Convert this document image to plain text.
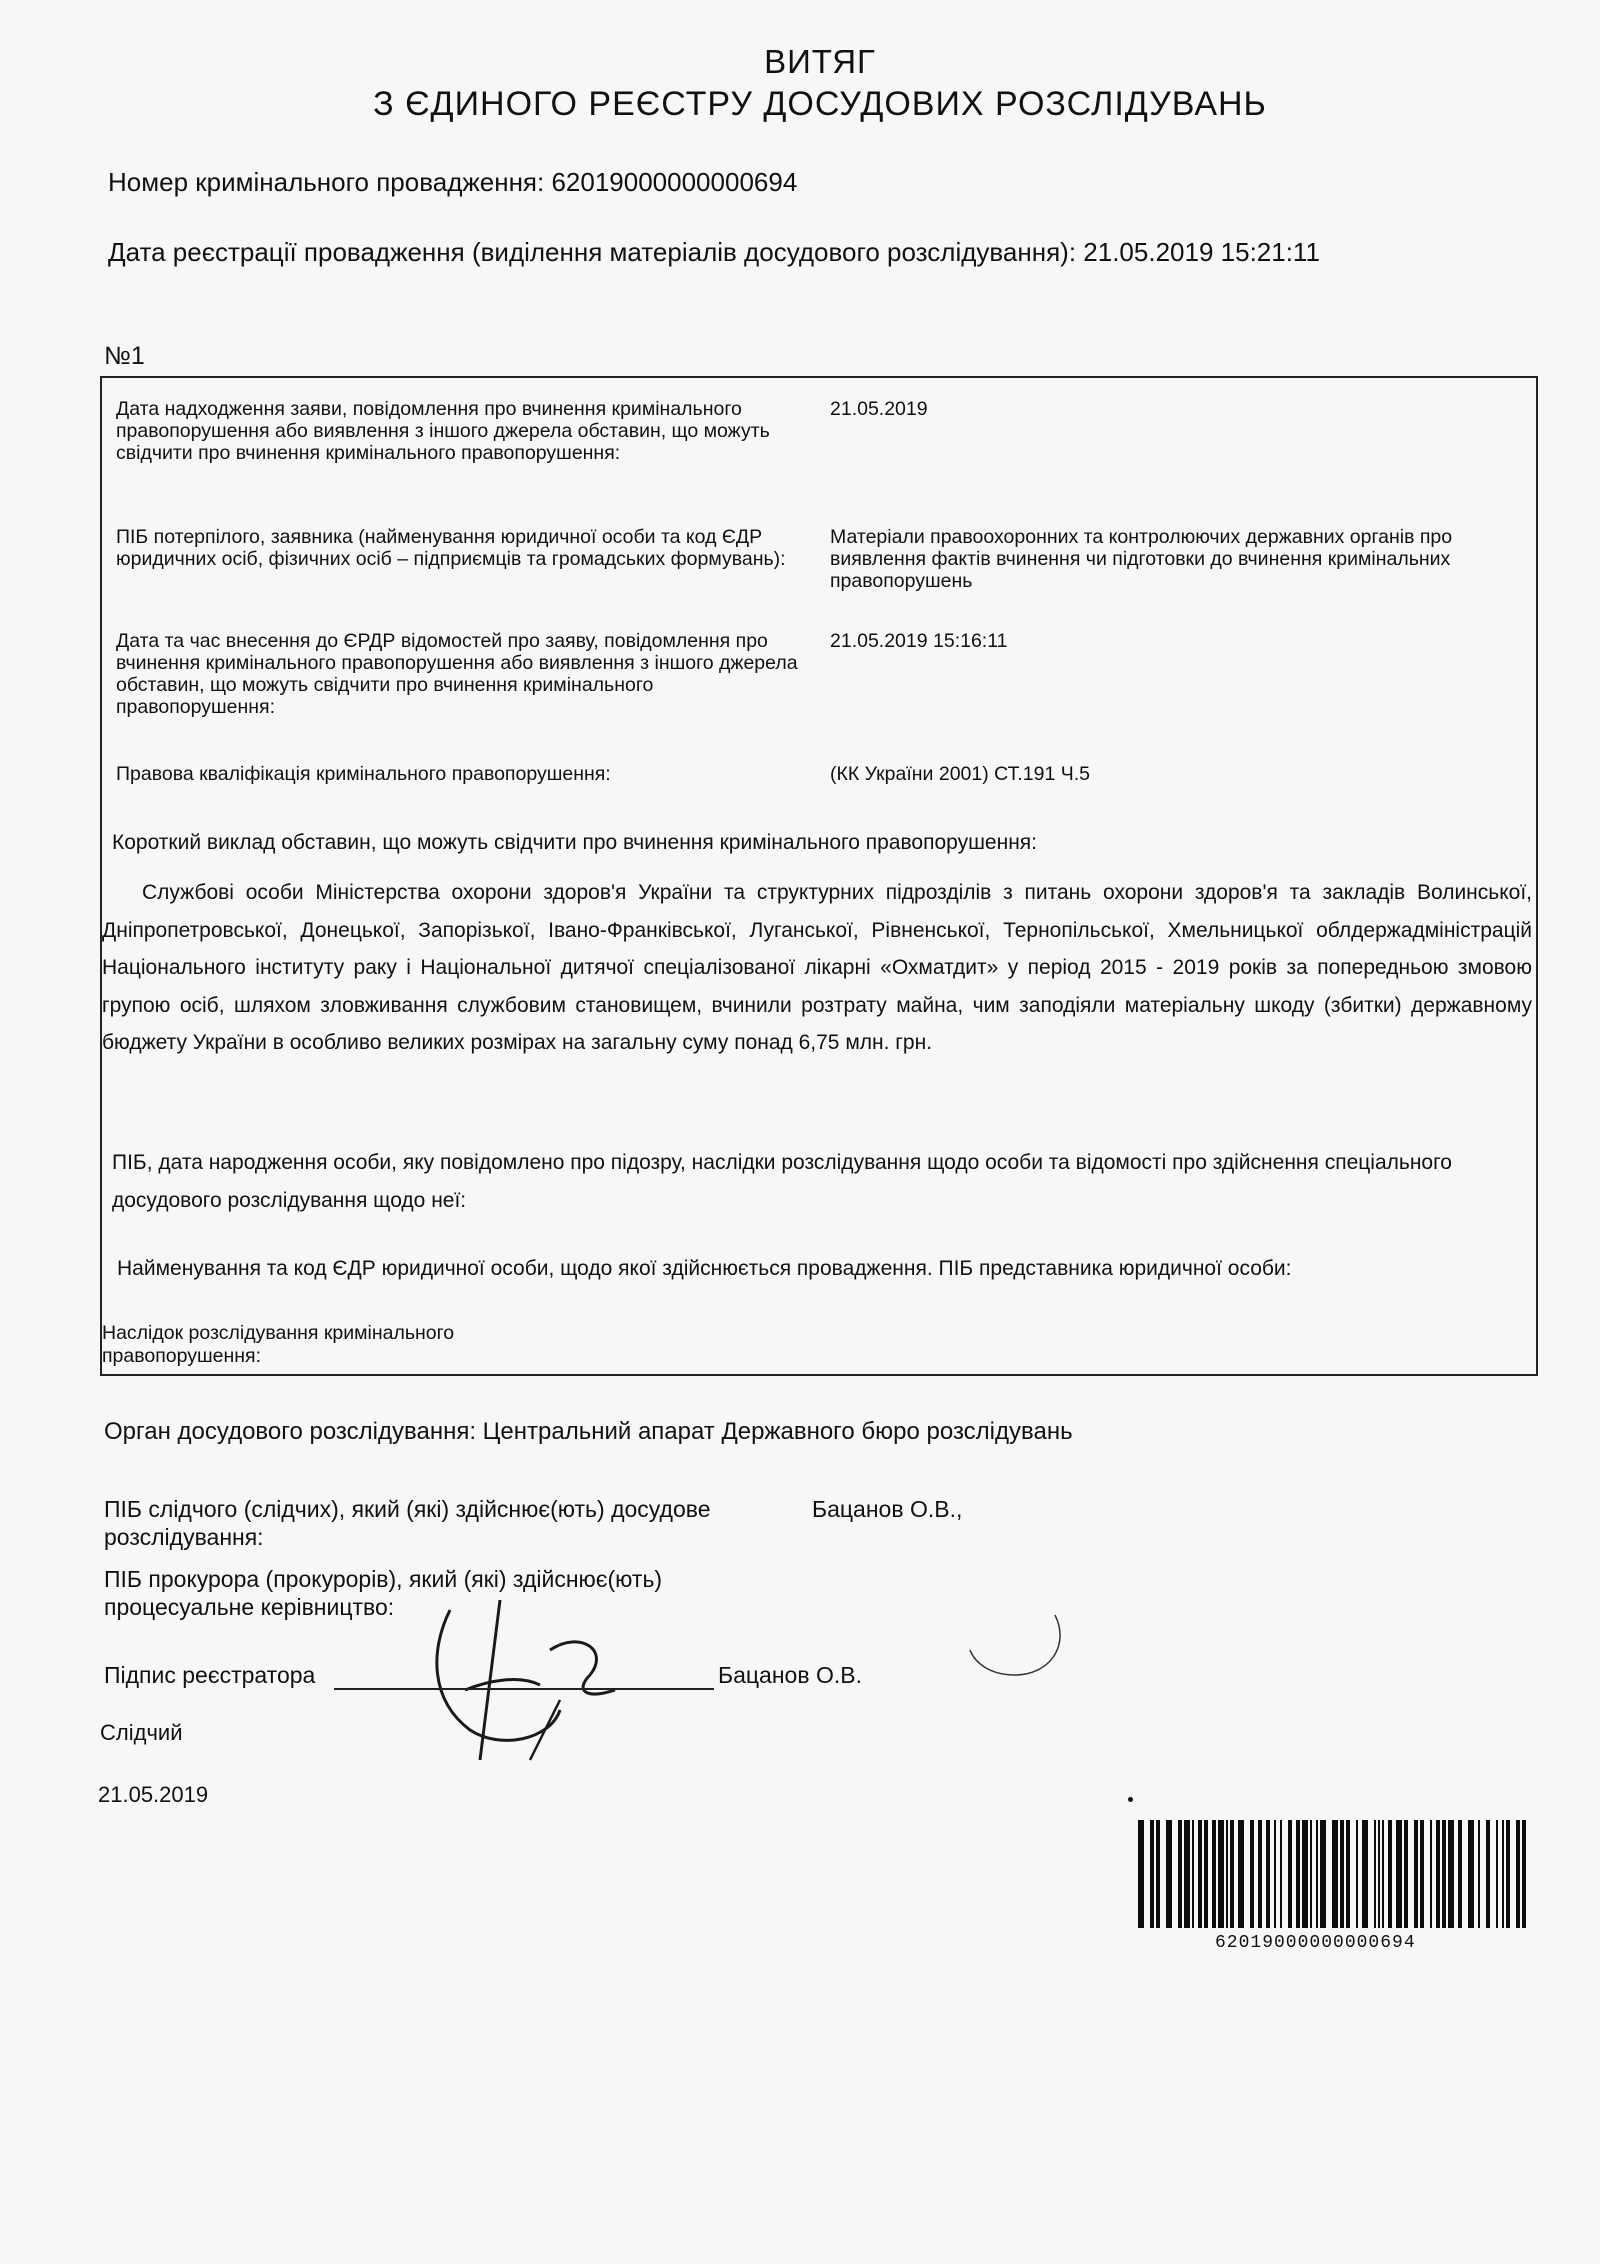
ВИТЯГ
З ЄДИНОГО РЕЄСТРУ ДОСУДОВИХ РОЗСЛІДУВАНЬ
Номер кримінального провадження: 62019000000000694
Дата реєстрації провадження (виділення матеріалів досудового розслідування): 21.05.2019 15:21:11
№1
Дата надходження заяви, повідомлення про вчинення кримінального правопорушення або виявлення з іншого джерела обставин, що можуть свідчити про вчинення кримінального правопорушення:
21.05.2019
ПІБ потерпілого, заявника (найменування юридичної особи та код ЄДР юридичних осіб, фізичних осіб – підприємців та громадських формувань):
Матеріали правоохоронних та контролюючих державних органів про виявлення фактів вчинення чи підготовки до вчинення кримінальних правопорушень
Дата та час внесення до ЄРДР відомостей про заяву, повідомлення про вчинення кримінального правопорушення або виявлення з іншого джерела обставин, що можуть свідчити про вчинення кримінального правопорушення:
21.05.2019 15:16:11
Правова кваліфікація кримінального правопорушення:	(КК України 2001) СТ.191 Ч.5
Короткий виклад обставин, що можуть свідчити про вчинення кримінального правопорушення:
Службові особи Міністерства охорони здоров'я України та структурних підрозділів з питань охорони здоров'я та закладів Волинської, Дніпропетровської, Донецької, Запорізької, Івано-Франківської, Луганської, Рівненської, Тернопільської, Хмельницької облдержадміністрацій Національного інституту раку і Національної дитячої спеціалізованої лікарні «Охматдит» у період 2015 - 2019 років за попередньою змовою групою осіб, шляхом зловживання службовим становищем, вчинили розтрату майна, чим заподіяли матеріальну шкоду (збитки) державному бюджету України в особливо великих розмірах на загальну суму понад 6,75 млн. грн.
ПІБ, дата народження особи, яку повідомлено про підозру, наслідки розслідування щодо особи та відомості про здійснення спеціального досудового розслідування щодо неї:
Найменування та код ЄДР юридичної особи, щодо якої здійснюється провадження. ПІБ представника юридичної особи:
Наслідок розслідування кримінального правопорушення:
Орган досудового розслідування: Центральний апарат Державного бюро розслідувань
ПІБ слідчого (слідчих), який (які) здійснює(ють) досудове розслідування:
Бацанов О.В.,
ПІБ прокурора (прокурорів), який (які) здійснює(ють) процесуальне керівництво:
Підпис реєстратора	Бацанов О.В.
Слідчий
21.05.2019
62019000000000694
